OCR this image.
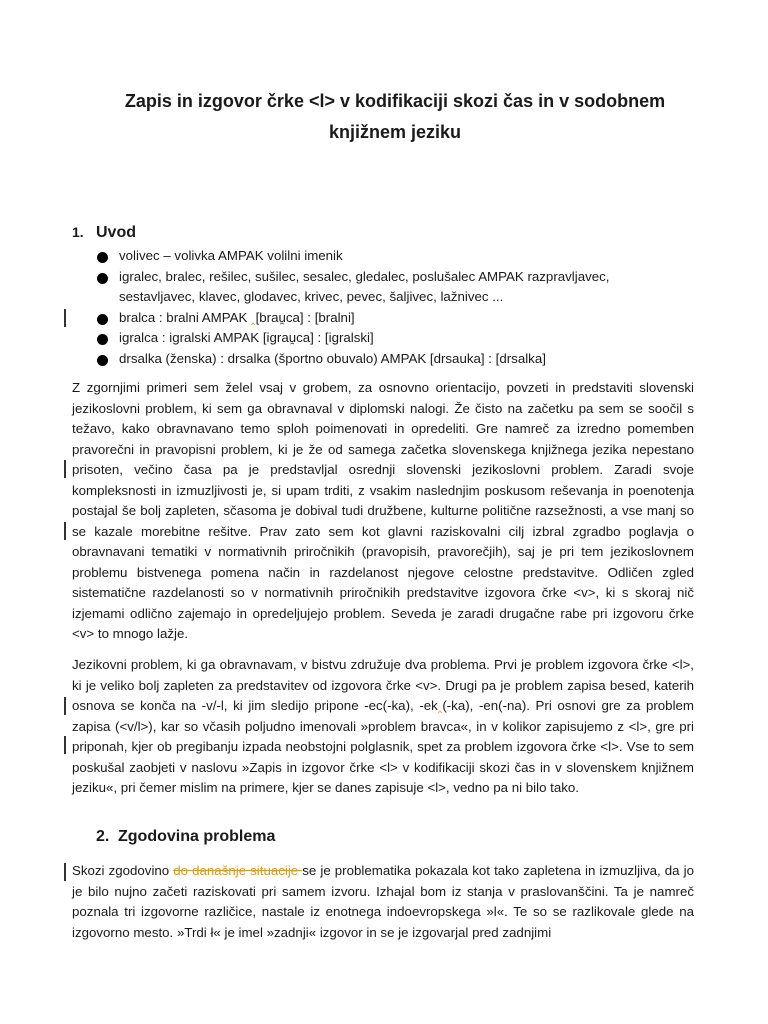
Zapis in izgovor črke <l> v kodifikaciji skozi čas in v sodobnem
knjižnem jeziku
1. Uvod
volivec – volivka AMPAK volilni imenik
igralec, bralec, rešilec, sušilec, sesalec, gledalec, poslušalec AMPAK razpravljavec, sestavljavec, klavec, glodavec, krivec, pevec, šaljivec, lažnivec ...
bralca : bralni AMPAK ‸[brau̯ca] : [bralni]
igralca : igralski AMPAK [igrau̯ca] : [igralski]
drsalka (ženska) : drsalka (športno obuvalo) AMPAK [drsauka] : [drsalka]

Z zgornjimi primeri sem želel vsaj v grobem, za osnovno orientacijo, povzeti in predstaviti slovenski jezikoslovni problem, ki sem ga obravnaval v diplomski nalogi. Že čisto na začetku pa sem se soočil s težavo, kako obravnavano temo sploh poimenovati in opredeliti. Gre namreč za izredno pomemben pravorečni in pravopisni problem, ki je že od samega začetka slovenskega knjižnega jezika nepestano prisoten, večino časa pa je predstavljal osrednji slovenski jezikoslovni problem. Zaradi svoje kompleksnosti in izmuzljivosti je, si upam trditi, z vsakim naslednjim poskusom reševanja in poenotenja postajal še bolj zapleten, sčasoma je dobival tudi družbene, kulturne politične razsežnosti, a vse manj so se kazale morebitne rešitve. Prav zato sem kot glavni raziskovalni cilj izbral zgradbo poglavja o obravnavani tematiki v normativnih priročnikih (pravopisih, pravorečjih), saj je pri tem jezikoslovnem problemu bistvenega pomena način in razdelanost njegove celostne predstavitve. Odličen zgled sistematične razdelanosti so v normativnih priročnikih predstavitve izgovora črke <v>, ki s skoraj nič izjemami odlično zajemajo in opredeljujejo problem. Seveda je zaradi drugačne rabe pri izgovoru črke <v> to mnogo lažje.

Jezikovni problem, ki ga obravnavam, v bistvu združuje dva problema. Prvi je problem izgovora črke <l>, ki je veliko bolj zapleten za predstavitev od izgovora črke <v>. Drugi pa je problem zapisa besed, katerih osnova se konča na -v/-l, ki jim sledijo pripone -ec(-ka), -ek‸(-ka), -en(-na). Pri osnovi gre za problem zapisa (<v/l>), kar so včasih poljudno imenovali »problem bravca«, in v kolikor zapisujemo z <l>, gre pri priponah, kjer ob pregibanju izpada neobstojni polglasnik, spet za problem izgovora črke <l>. Vse to sem poskušal zaobjeti v naslovu »Zapis in izgovor črke <l> v kodifikaciji skozi čas in v slovenskem knjižnem jeziku«, pri čemer mislim na primere, kjer se danes zapisuje <l>, vedno pa ni bilo tako.

2. Zgodovina problema

Skozi zgodovino do današnje situacije se je problematika pokazala kot tako zapletena in izmuzljiva, da jo je bilo nujno začeti raziskovati pri samem izvoru. Izhajal bom iz stanja v praslovanščini. Ta je namreč poznala tri izgovorne različice, nastale iz enotnega indoevropskega »l«. Te so se razlikovale glede na izgovorno mesto. »Trdi ł« je imel »zadnji« izgovor in se je izgovarjal pred zadnjimi
